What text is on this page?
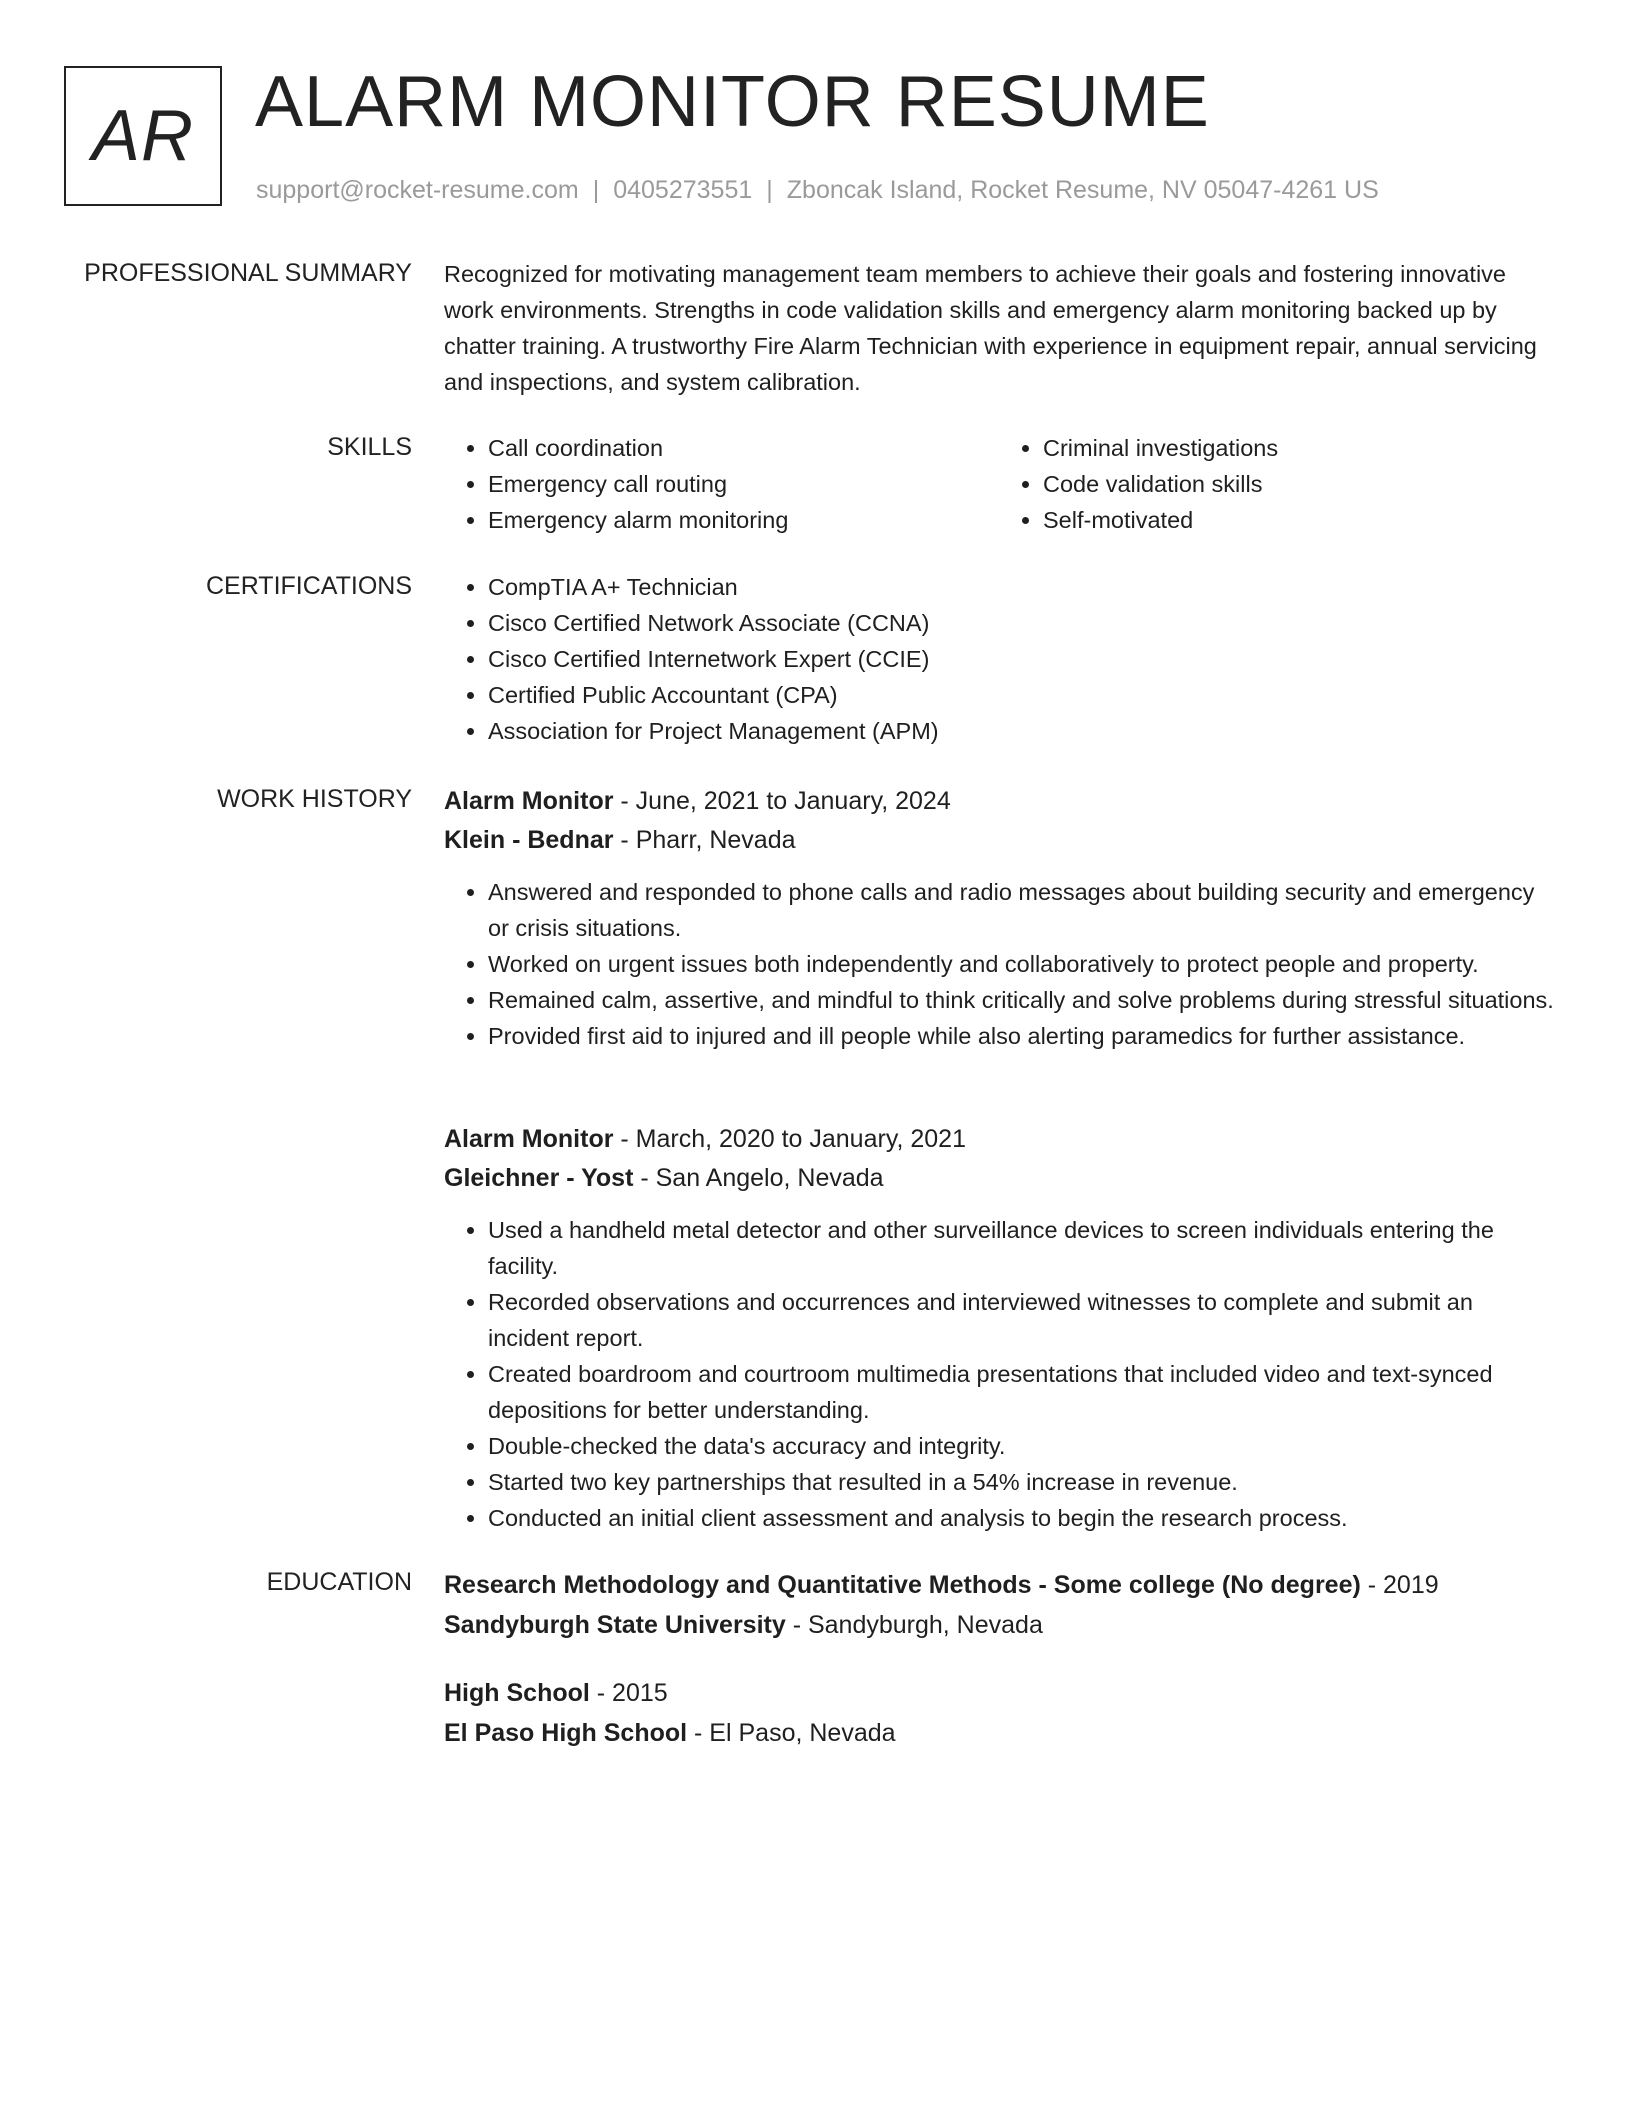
AR ALARM MONITOR RESUME
support@rocket-resume.com | 0405273551 | Zboncak Island, Rocket Resume, NV 05047-4261 US
PROFESSIONAL SUMMARY Recognized for motivating management team members to achieve their goals and fostering innovative work environments. Strengths in code validation skills and emergency alarm monitoring backed up by chatter training. A trustworthy Fire Alarm Technician with experience in equipment repair, annual servicing and inspections, and system calibration.

SKILLS	• Call coordination
• Emergency call routing
• Emergency alarm monitoring
• Criminal investigations
• Code validation skills
• Self-motivated
CERTIFICATIONS	• CompTIA A+ Technician
• Cisco Certified Network Associate (CCNA)
• Cisco Certified Internetwork Expert (CCIE)
• Certified Public Accountant (CPA)
• Association for Project Management (APM)
WORK HISTORY Alarm Monitor - June, 2021 to January, 2024
Klein - Bednar - Pharr, Nevada
• Answered and responded to phone calls and radio messages about building security and emergency or crisis situations.
• Worked on urgent issues both independently and collaboratively to protect people and property.
• Remained calm, assertive, and mindful to think critically and solve problems during stressful situations.
• Provided first aid to injured and ill people while also alerting paramedics for further assistance.
Alarm Monitor - March, 2020 to January, 2021
Gleichner - Yost - San Angelo, Nevada
• Used a handheld metal detector and other surveillance devices to screen individuals entering the facility.
• Recorded observations and occurrences and interviewed witnesses to complete and submit an incident report.
• Created boardroom and courtroom multimedia presentations that included video and text-synced depositions for better understanding.
• Double-checked the data's accuracy and integrity.
• Started two key partnerships that resulted in a 54% increase in revenue.
• Conducted an initial client assessment and analysis to begin the research process.
EDUCATION Research Methodology and Quantitative Methods - Some college (No degree) - 2019
Sandyburgh State University - Sandyburgh, Nevada
High School - 2015
El Paso High School - El Paso, Nevada
